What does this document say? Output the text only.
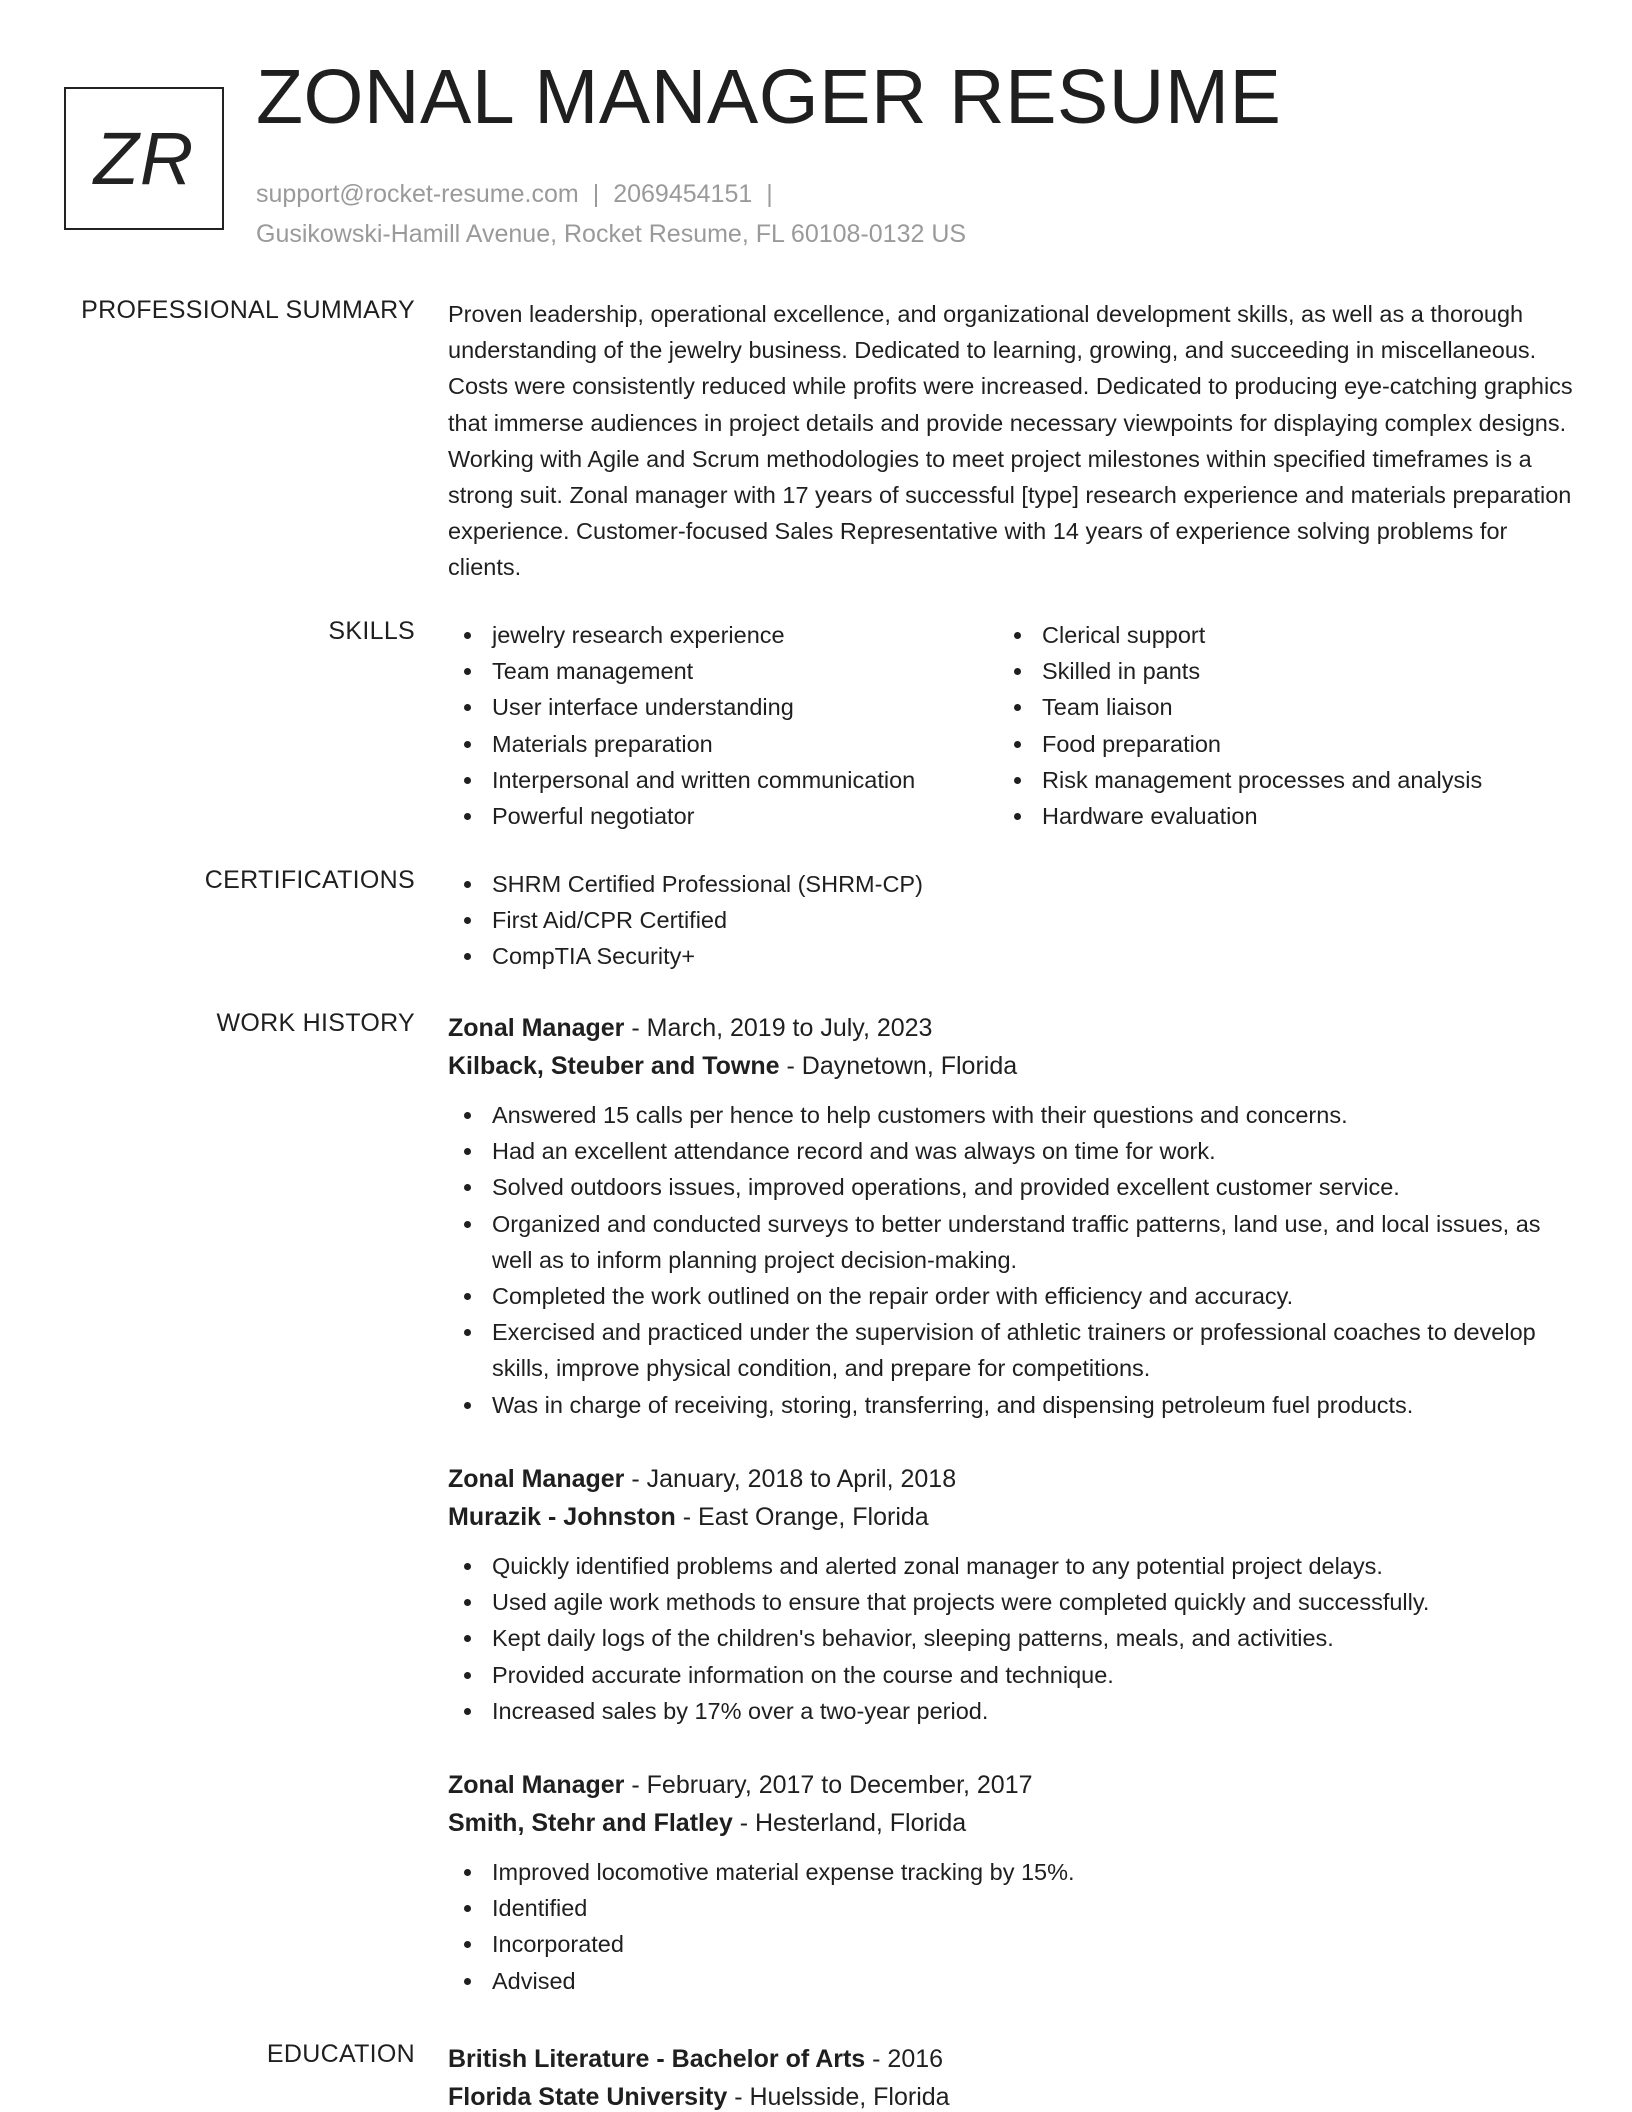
ZR
ZONAL MANAGER RESUME
support@rocket-resume.com | 2069454151 |
Gusikowski-Hamill Avenue, Rocket Resume, FL 60108-0132 US
PROFESSIONAL SUMMARY Proven leadership, operational excellence, and organizational development skills, as well as a thorough understanding of the jewelry business. Dedicated to learning, growing, and succeeding in miscellaneous. Costs were consistently reduced while profits were increased. Dedicated to producing eye-catching graphics that immerse audiences in project details and provide necessary viewpoints for displaying complex designs. Working with Agile and Scrum methodologies to meet project milestones within specified timeframes is a strong suit. Zonal manager with 17 years of successful [type] research experience and materials preparation experience. Customer-focused Sales Representative with 14 years of experience solving problems for clients.
SKILLS	jewelry research experience
Team management
User interface understanding
Materials preparation
Interpersonal and written communication
Powerful negotiator
Clerical support
Skilled in pants
Team liaison
Food preparation
Risk management processes and analysis
Hardware evaluation
CERTIFICATIONS	SHRM Certified Professional (SHRM-CP)
First Aid/CPR Certified
CompTIA Security+
WORK HISTORY Zonal Manager - March, 2019 to July, 2023
Kilback, Steuber and Towne - Daynetown, Florida
Answered 15 calls per hence to help customers with their questions and concerns.
Had an excellent attendance record and was always on time for work.
Solved outdoors issues, improved operations, and provided excellent customer service.
Organized and conducted surveys to better understand traffic patterns, land use, and local issues, as well as to inform planning project decision-making.
Completed the work outlined on the repair order with efficiency and accuracy.
Exercised and practiced under the supervision of athletic trainers or professional coaches to develop skills, improve physical condition, and prepare for competitions.
Was in charge of receiving, storing, transferring, and dispensing petroleum fuel products.
Zonal Manager - January, 2018 to April, 2018
Murazik - Johnston - East Orange, Florida
Quickly identified problems and alerted zonal manager to any potential project delays.
Used agile work methods to ensure that projects were completed quickly and successfully.
Kept daily logs of the children's behavior, sleeping patterns, meals, and activities.
Provided accurate information on the course and technique.
Increased sales by 17% over a two-year period.
Zonal Manager - February, 2017 to December, 2017
Smith, Stehr and Flatley - Hesterland, Florida
Improved locomotive material expense tracking by 15%.
Identified
Incorporated
Advised
EDUCATION British Literature - Bachelor of Arts - 2016
Florida State University - Huelsside, Florida
